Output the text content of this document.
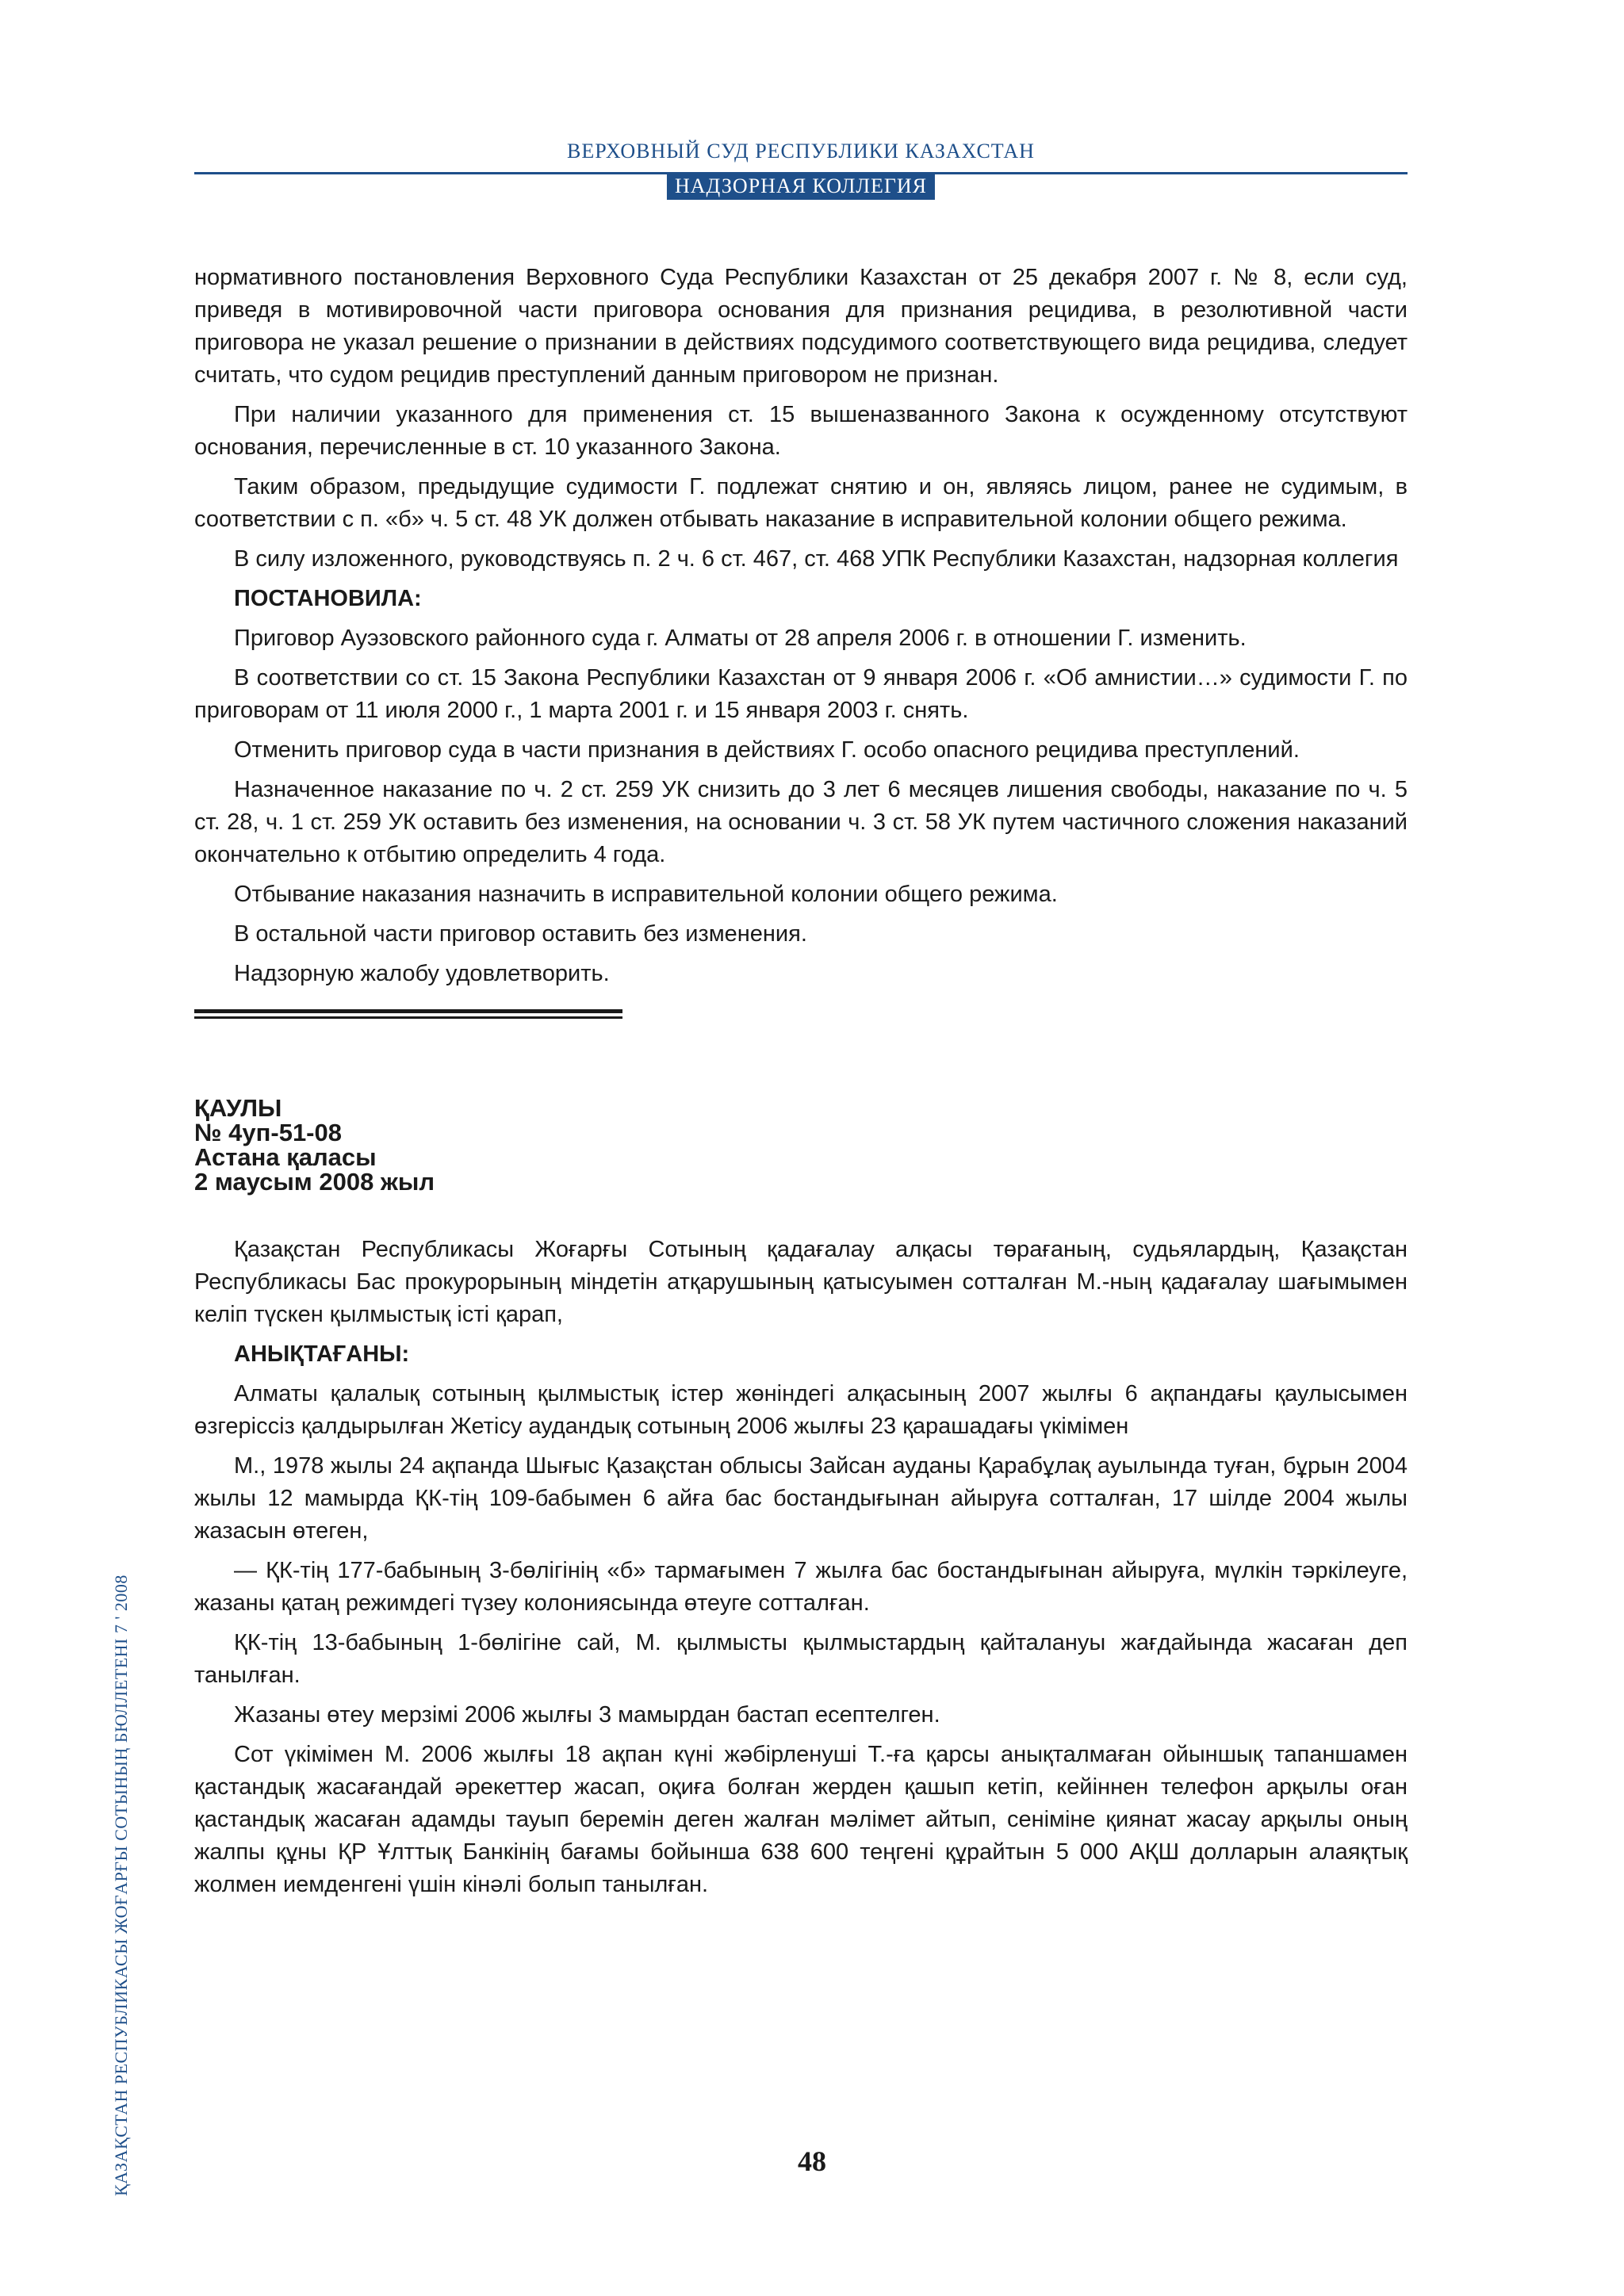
ВЕРХОВНЫЙ СУД РЕСПУБЛИКИ КАЗАХСТАН
НАДЗОРНАЯ КОЛЛЕГИЯ

нормативного постановления Верховного Суда Республики Казахстан от 25 декабря 2007 г. № 8, если суд, приведя в мотивировочной части приговора основания для признания рецидива, в резолютивной части приговора не указал решение о признании в действиях подсудимого соответствующего вида рецидива, следует считать, что судом рецидив преступлений данным приговором не признан.

При наличии указанного для применения ст. 15 вышеназванного Закона к осужденному отсутствуют основания, перечисленные в ст. 10 указанного Закона.

Таким образом, предыдущие судимости Г. подлежат снятию и он, являясь лицом, ранее не судимым, в соответствии с п. «б» ч. 5 ст. 48 УК должен отбывать наказание в исправительной колонии общего режима.

В силу изложенного, руководствуясь п. 2 ч. 6 ст. 467, ст. 468 УПК Республики Казахстан, надзорная коллегия

ПОСТАНОВИЛА:

Приговор Ауэзовского районного суда г. Алматы от 28 апреля 2006 г. в отношении Г. изменить.

В соответствии со ст. 15 Закона Республики Казахстан от 9 января 2006 г. «Об амнистии…» судимости Г. по приговорам от 11 июля 2000 г., 1 марта 2001 г. и 15 января 2003 г. снять.

Отменить приговор суда в части признания в действиях Г. особо опасного рецидива преступлений.

Назначенное наказание по ч. 2 ст. 259 УК снизить до 3 лет 6 месяцев лишения свободы, наказание по ч. 5 ст. 28, ч. 1 ст. 259 УК оставить без изменения, на основании ч. 3 ст. 58 УК путем частичного сложения наказаний окончательно к отбытию определить 4 года.

Отбывание наказания назначить в исправительной колонии общего режима.

В остальной части приговор оставить без изменения.

Надзорную жалобу удовлетворить.

ҚАУЛЫ
№ 4уп-51-08
Астана қаласы
2 маусым 2008 жыл

Қазақстан Республикасы Жоғарғы Сотының қадағалау алқасы төрағаның, судьялардың, Қазақстан Республикасы Бас прокурорының міндетін атқарушының қатысуымен сотталған М.-ның қадағалау шағымымен келіп түскен қылмыстық істі қарап,

АНЫҚТАҒАНЫ:

Алматы қалалық сотының қылмыстық істер жөніндегі алқасының 2007 жылғы 6 ақпандағы қаулысымен өзгеріссіз қалдырылған Жетісу аудандық сотының 2006 жылғы 23 қарашадағы үкімімен

М., 1978 жылы 24 ақпанда Шығыс Қазақстан облысы Зайсан ауданы Қарабұлақ ауылында туған, бұрын 2004 жылы 12 мамырда ҚК-тің 109-бабымен 6 айға бас бостандығынан айыруға сотталған, 17 шілде 2004 жылы жазасын өтеген,

— ҚК-тің 177-бабының 3-бөлігінің «б» тармағымен 7 жылға бас бостандығынан айыруға, мүлкін тәркілеуге, жазаны қатаң режимдегі түзеу колониясында өтеуге сотталған.

ҚК-тің 13-бабының 1-бөлігіне сай, М. қылмысты қылмыстардың қайталануы жағдайында жасаған деп танылған.

Жазаны өтеу мерзімі 2006 жылғы 3 мамырдан бастап есептелген.

Сот үкімімен М. 2006 жылғы 18 ақпан күні жәбірленуші Т.-ға қарсы анықталмаған ойыншық тапаншамен қастандық жасағандай әрекеттер жасап, оқиға болған жерден қашып кетіп, кейіннен телефон арқылы оған қастандық жасаған адамды тауып беремін деген жалған мәлімет айтып, сеніміне қиянат жасау арқылы оның жалпы құны ҚР Ұлттық Банкінің бағамы бойынша 638 600 теңгені құрайтын 5 000 АҚШ долларын алаяқтық жолмен иемденгені үшін кінәлі болып танылған.

ҚАЗАҚСТАН РЕСПУБЛИКАСЫ ЖОҒАРҒЫ СОТЫНЫҢ БЮЛЛЕТЕНІ 7 ' 2008	48
